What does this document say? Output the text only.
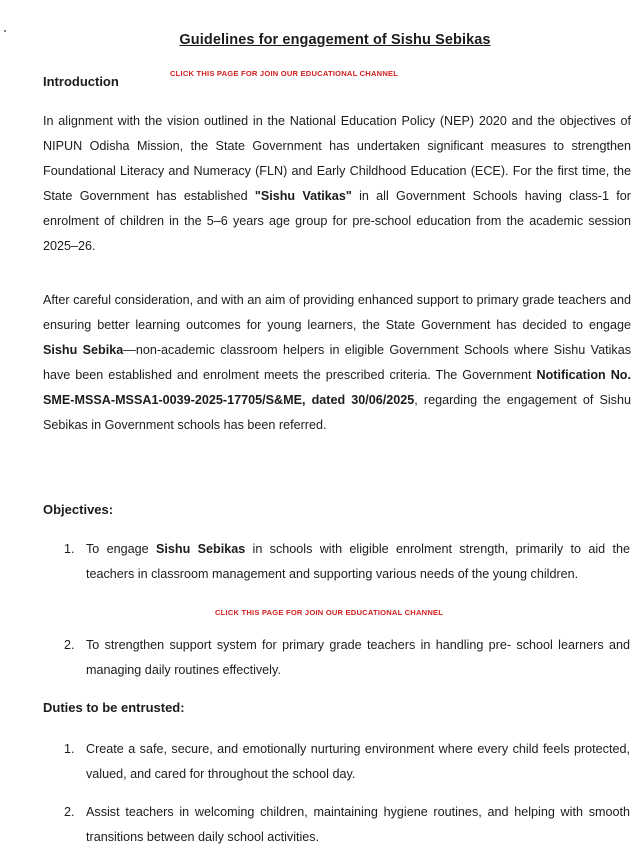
Guidelines for engagement of Sishu Sebikas
Introduction
CLICK THIS PAGE FOR JOIN OUR EDUCATIONAL CHANNEL
In alignment with the vision outlined in the National Education Policy (NEP) 2020 and the objectives of NIPUN Odisha Mission, the State Government has undertaken significant measures to strengthen Foundational Literacy and Numeracy (FLN) and Early Childhood Education (ECE). For the first time, the State Government has established "Sishu Vatikas" in all Government Schools having class-1 for enrolment of children in the 5–6 years age group for pre-school education from the academic session 2025–26.
After careful consideration, and with an aim of providing enhanced support to primary grade teachers and ensuring better learning outcomes for young learners, the State Government has decided to engage Sishu Sebika—non-academic classroom helpers in eligible Government Schools where Sishu Vatikas have been established and enrolment meets the prescribed criteria. The Government Notification No. SME-MSSA-MSSA1-0039-2025-17705/S&ME, dated 30/06/2025, regarding the engagement of Sishu Sebikas in Government schools has been referred.
Objectives:
1. To engage Sishu Sebikas in schools with eligible enrolment strength, primarily to aid the teachers in classroom management and supporting various needs of the young children.
CLICK THIS PAGE FOR JOIN OUR EDUCATIONAL CHANNEL
2. To strengthen support system for primary grade teachers in handling pre- school learners and managing daily routines effectively.
Duties to be entrusted:
1. Create a safe, secure, and emotionally nurturing environment where every child feels protected, valued, and cared for throughout the school day.
2. Assist teachers in welcoming children, maintaining hygiene routines, and helping with smooth transitions between daily school activities.
